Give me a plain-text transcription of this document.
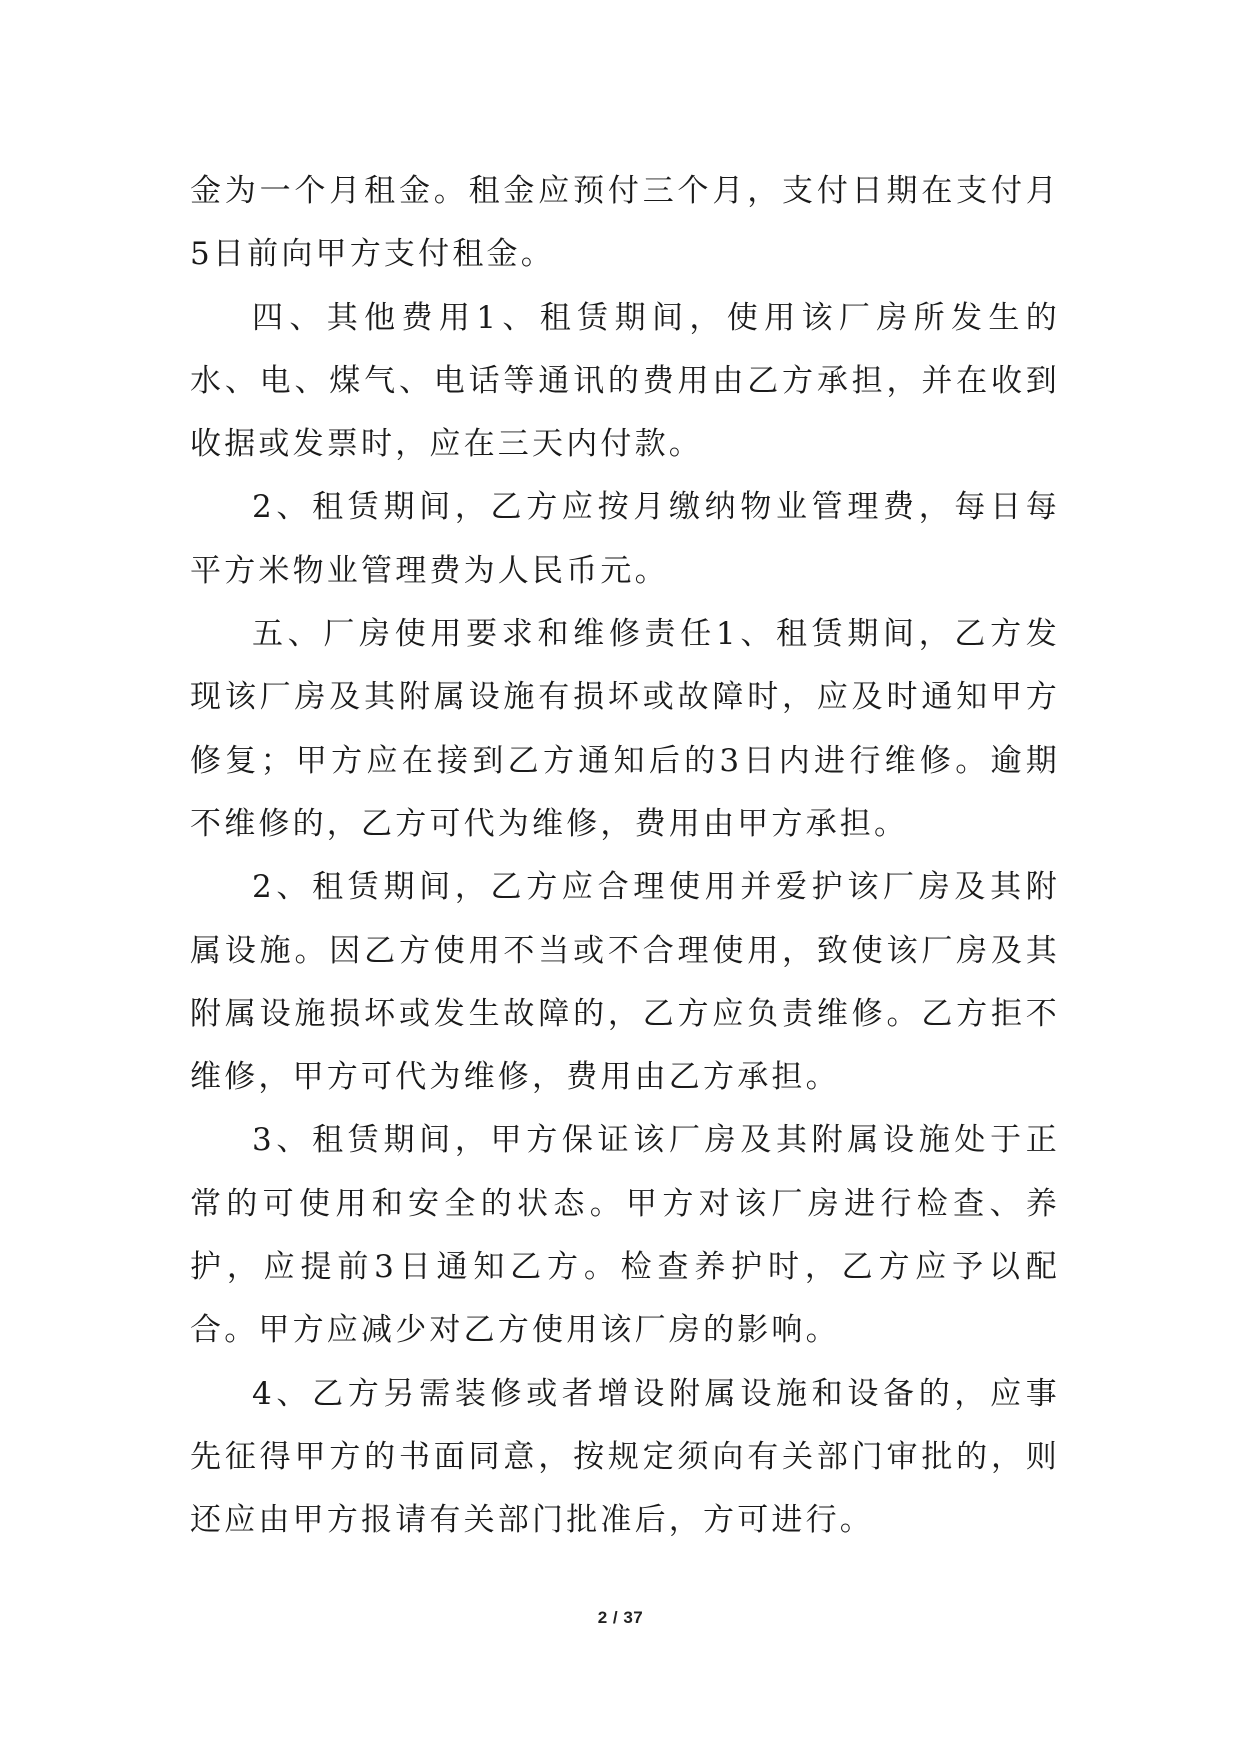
金为一个月租金。租金应预付三个月，支付日期在支付月5日前向甲方支付租金。

四、其他费用1、租赁期间，使用该厂房所发生的水、电、煤气、电话等通讯的费用由乙方承担，并在收到收据或发票时，应在三天内付款。

2、租赁期间，乙方应按月缴纳物业管理费，每日每平方米物业管理费为人民币元。

五、厂房使用要求和维修责任1、租赁期间，乙方发现该厂房及其附属设施有损坏或故障时，应及时通知甲方修复；甲方应在接到乙方通知后的3日内进行维修。逾期不维修的，乙方可代为维修，费用由甲方承担。

2、租赁期间，乙方应合理使用并爱护该厂房及其附属设施。因乙方使用不当或不合理使用，致使该厂房及其附属设施损坏或发生故障的，乙方应负责维修。乙方拒不维修，甲方可代为维修，费用由乙方承担。

3、租赁期间，甲方保证该厂房及其附属设施处于正常的可使用和安全的状态。甲方对该厂房进行检查、养护，应提前3日通知乙方。检查养护时，乙方应予以配合。甲方应减少对乙方使用该厂房的影响。

4、乙方另需装修或者增设附属设施和设备的，应事先征得甲方的书面同意，按规定须向有关部门审批的，则还应由甲方报请有关部门批准后，方可进行。

2 / 37
